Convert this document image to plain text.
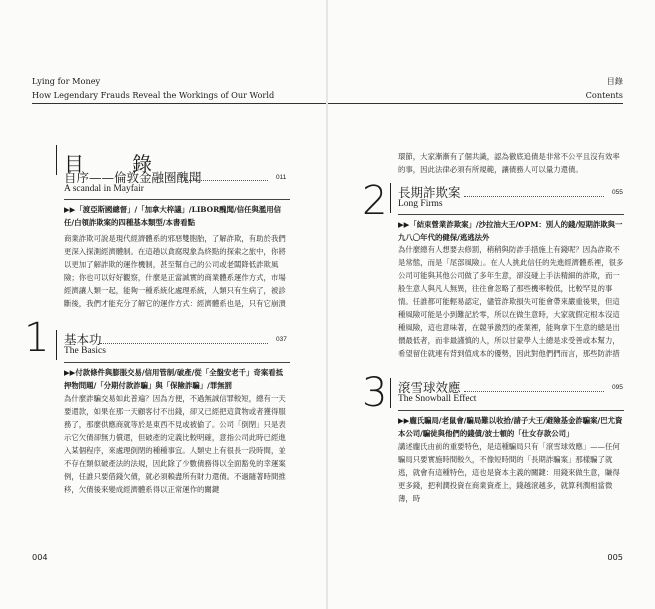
Lying for Money
How Legendary Frauds Reveal the Workings of Our World
目　錄
自序——倫敦金融圈醜聞	011
A scandal in Mayfair
▶▶「渡亞斯國總督」/「加拿大梓議」/LIBOR醜聞/信任與濫用信任/白領詐欺案的四種基本類型/本書看點

商業詐欺可說是現代經濟體系的邪惡雙胞胎，了解詐欺，有助於我們更深入探測經濟體制。在這趟以貪腐現象為終點的探索之旅中，你將以更加了解詐欺的運作機制，甚至幫自己的公司或老闆降低詐欺風險；你也可以好好觀察，什麼是正當誠實的商業體系運作方式，市場經濟讓人類一起，能夠一種系統化處理系統，人類只有生病了，被診斷後，我們才能充分了解它的運作方式：經濟體系也是，只有它崩潰

1 基本功	037
The Basics
▶▶付款條件與膨脹交易/信用管制/破產/從「全盤安老千」奇案看抵押物問題/「分期付款詐騙」與「保險詐騙」/罪無罰

為什麼詐騙交易如此普遍？因為方便，不過無誠信罪較短，總有一天要還款，如果在那一天顧客付不出錢，卻又已經把這貨物或者獲得服務了，那麼供應商就等於是東西不見或被偷了。公司「倒閉」只是表示它欠債卻無力償還，但破產的定義比較明確，意指公司此時已經進入某個程序，來處理倒閉的種種事宜。人類史上有很長一段時間，並不存在類似破產法的法規，因此除了少數債務得以全面豁免的幸運案例，任誰只要借錢欠債，就必須賴盡所有財力還債。不過隨著時間推移，欠債後來變成經濟體系得以正常運作的關鍵

004
目錄
Contents

環節，大家漸漸有了個共識，認為徹底追債是非常不公平且沒有效率的事，因此法律必須有所規範，讓債務人可以量力還債。

2 長期詐欺案	055
Long Firms
▶▶「結束營業詐欺案」/沙拉油大王/OPM：別人的錢/短期詐欺與一九八〇年代的健保/逃逃法外

為什麼總有人想要去修罰，稍稍與防詐手措施上有錢呢？因為詐欺不是常態，而是「尾部風險」。在人人挑此信任的先進經濟體系裡，很多公司可能與其他公司做了多年生意，卻沒碰上手法精細的詐欺，而一般生意人與凡人無異，往往會忽略了那些機率較低，比較罕見的事情。任誰都可能輕易認定，儘管詐欺損失可能會帶來嚴重後果，但這種風險可能是小到難記於零，所以在做生意時，大家就假定根本沒這種風險，這也意味著，在競爭激烈的產業裡，能夠拿下生意的總是出價最低者，而非最謹慎的人，所以甘蒙學人土總是求受善或本幫力，希望留住就連有背到值成本的優勢，因此對他們們而言，那些防詐措

3 滾雪球效應	095
The Snowball Effect
▶▶龐氏騙局/老鼠會/騙局難以收拾/請子大王/避險基金詐騙案/巴尤資本公司/騙徒與他們的錢債/波士頓的「仕女存款公司」

講述龐氏由前的重要特色，是這種騙局只有「滾雪球效應」——任何騙局只要實施時間較久，不像短時間的「長期詐騙案」那樣騙了就逃，就會有這種特色，這也是資本主義的關鍵：用錢來做生意，賺得更多錢，把利潤投資在商業資產上，錢越滾越多，就算利潤相當微薄，時

005
